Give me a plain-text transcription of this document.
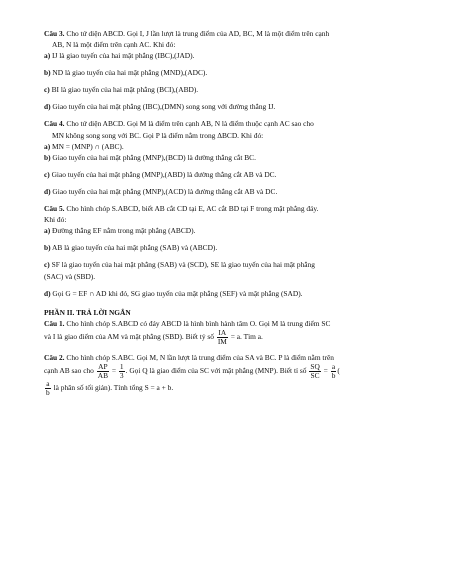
Câu 3. Cho tứ diện ABCD. Gọi I, J lần lượt là trung điểm của AD, BC, M là một điểm trên cạnh
AB, N là một điểm trên cạnh AC. Khi đó:
a) IJ là giao tuyến của hai mặt phẳng (IBC),(JAD).
b) ND là giao tuyến của hai mặt phẳng (MND),(ADC).
c) BI là giao tuyến của hai mặt phẳng (BCI),(ABD).
d) Giao tuyến của hai mặt phẳng (IBC),(DMN) song song với đường thẳng IJ.
Câu 4. Cho tứ diện ABCD. Gọi M là điểm trên cạnh AB, N là điểm thuộc cạnh AC sao cho
MN không song song với BC. Gọi P là điểm nằm trong ΔBCD. Khi đó:
a) MN = (MNP) ∩ (ABC).
b) Giao tuyến của hai mặt phẳng (MNP),(BCD) là đường thẳng cắt BC.
c) Giao tuyến của hai mặt phẳng (MNP),(ABD) là đường thẳng cắt AB và DC.
d) Giao tuyến của hai mặt phẳng (MNP),(ACD) là đường thẳng cắt AB và DC.
Câu 5. Cho hình chóp S.ABCD, biết AB cắt CD tại E, AC cắt BD tại F trong mặt phẳng đáy.
Khi đó:
a) Đường thẳng EF nằm trong mặt phẳng (ABCD).
b) AB là giao tuyến của hai mặt phẳng (SAB) và (ABCD).
c) SF là giao tuyến của hai mặt phẳng (SAB) và (SCD), SE là giao tuyến của hai mặt phẳng
(SAC) và (SBD).
d) Gọi G = EF ∩ AD khi đó, SG giao tuyến của mặt phẳng (SEF) và mặt phẳng (SAD).
PHẦN II. TRẢ LỜI NGẮN
Câu 1. Cho hình chóp S.ABCD có đáy ABCD là hình bình hành tâm O. Gọi M là trung điểm SC
và I là giao điểm của AM và mặt phẳng (SBD). Biết tỷ số $\frac{IA}{IM} = a$. Tìm a.
Câu 2. Cho hình chóp S.ABC. Gọi M, N lần lượt là trung điểm của SA và BC. P là điểm nằm trên
cạnh AB sao cho $\frac{AP}{AB} = \frac{1}{3}$ . Gọi Q là giao điểm của SC với mặt phẳng (MNP). Biết tỉ số $\frac{SQ}{SC} = \frac{a}{b}$ (
$\frac{a}{b}$ là phân số tối giản). Tính tổng S = a + b.
